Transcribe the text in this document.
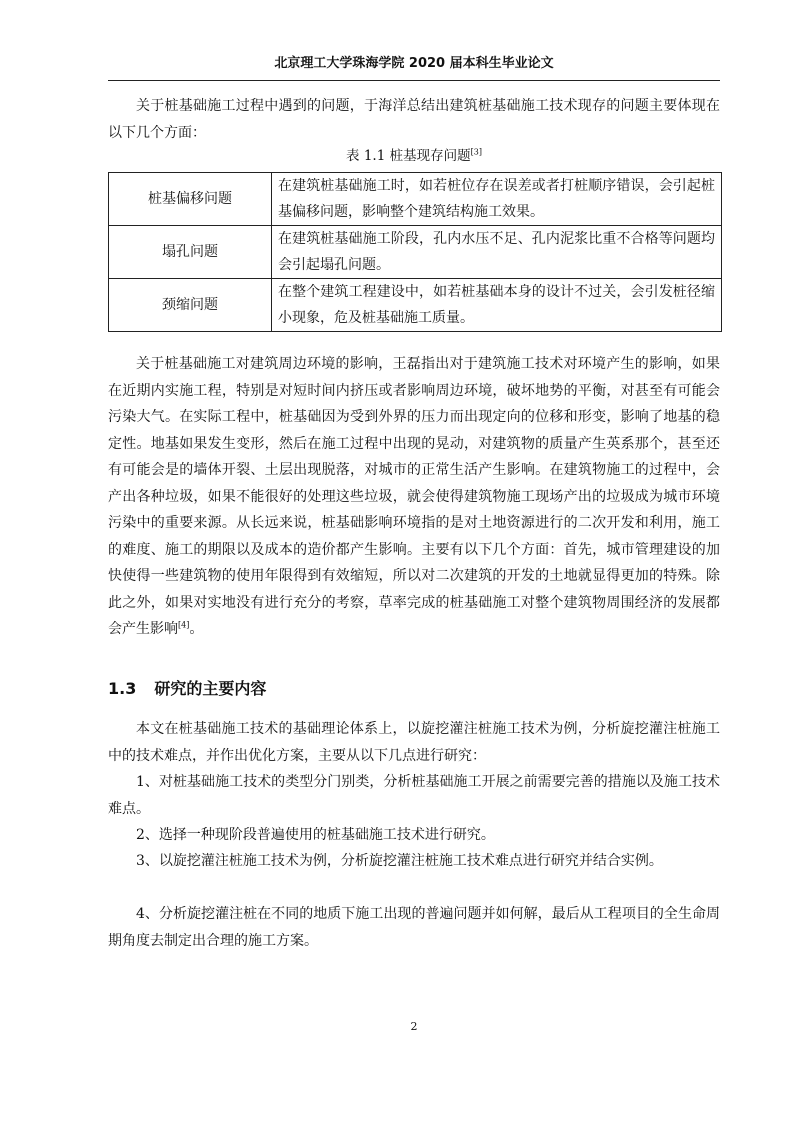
北京理工大学珠海学院 2020 届本科生毕业论文

关于桩基础施工过程中遇到的问题，于海洋总结出建筑桩基础施工技术现存的问题主要体现在以下几个方面：

表 1.1 桩基现存问题[3]
桩基偏移问题	在建筑桩基础施工时，如若桩位存在误差或者打桩顺序错误，会引起桩基偏移问题，影响整个建筑结构施工效果。
塌孔问题	在建筑桩基础施工阶段，孔内水压不足、孔内泥浆比重不合格等问题均会引起塌孔问题。
颈缩问题	在整个建筑工程建设中，如若桩基础本身的设计不过关，会引发桩径缩小现象，危及桩基础施工质量。

关于桩基础施工对建筑周边环境的影响，王磊指出对于建筑施工技术对环境产生的影响，如果在近期内实施工程，特别是对短时间内挤压或者影响周边环境，破坏地势的平衡，对甚至有可能会污染大气。在实际工程中，桩基础因为受到外界的压力而出现定向的位移和形变，影响了地基的稳定性。地基如果发生变形，然后在施工过程中出现的晃动，对建筑物的质量产生英系那个，甚至还有可能会是的墙体开裂、土层出现脱落，对城市的正常生活产生影响。在建筑物施工的过程中，会产出各种垃圾，如果不能很好的处理这些垃圾，就会使得建筑物施工现场产出的垃圾成为城市环境污染中的重要来源。从长远来说，桩基础影响环境指的是对土地资源进行的二次开发和利用，施工的难度、施工的期限以及成本的造价都产生影响。主要有以下几个方面：首先，城市管理建设的加快使得一些建筑物的使用年限得到有效缩短，所以对二次建筑的开发的土地就显得更加的特殊。除此之外，如果对实地没有进行充分的考察，草率完成的桩基础施工对整个建筑物周围经济的发展都会产生影响[4]。

1.3 研究的主要内容

本文在桩基础施工技术的基础理论体系上，以旋挖灌注桩施工技术为例，分析旋挖灌注桩施工中的技术难点，并作出优化方案，主要从以下几点进行研究：

1、对桩基础施工技术的类型分门别类，分析桩基础施工开展之前需要完善的措施以及施工技术难点。

2、选择一种现阶段普遍使用的桩基础施工技术进行研究。

3、以旋挖灌注桩施工技术为例，分析旋挖灌注桩施工技术难点进行研究并结合实例。

4、分析旋挖灌注桩在不同的地质下施工出现的普遍问题并如何解，最后从工程项目的全生命周期角度去制定出合理的施工方案。

2
